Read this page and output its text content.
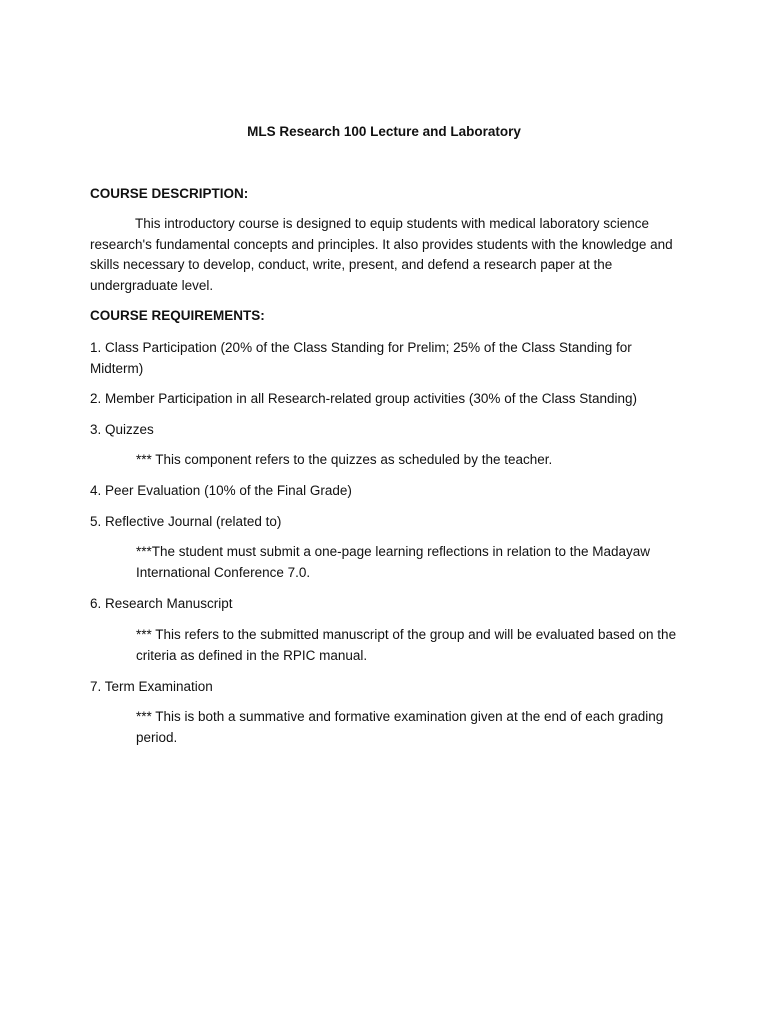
MLS Research 100 Lecture and Laboratory
COURSE DESCRIPTION:
This introductory course is designed to equip students with medical laboratory science research's fundamental concepts and principles. It also provides students with the knowledge and skills necessary to develop, conduct, write, present, and defend a research paper at the undergraduate level.
COURSE REQUIREMENTS:
1. Class Participation (20% of the Class Standing for Prelim; 25% of the Class Standing for Midterm)
2. Member Participation in all Research-related group activities (30% of the Class Standing)
3. Quizzes
*** This component refers to the quizzes as scheduled by the teacher.
4. Peer Evaluation (10% of the Final Grade)
5. Reflective Journal (related to)
***The student must submit a one-page learning reflections in relation to the Madayaw International Conference 7.0.
6. Research Manuscript
*** This refers to the submitted manuscript of the group and will be evaluated based on the criteria as defined in the RPIC manual.
7. Term Examination
*** This is both a summative and formative examination given at the end of each grading period.
